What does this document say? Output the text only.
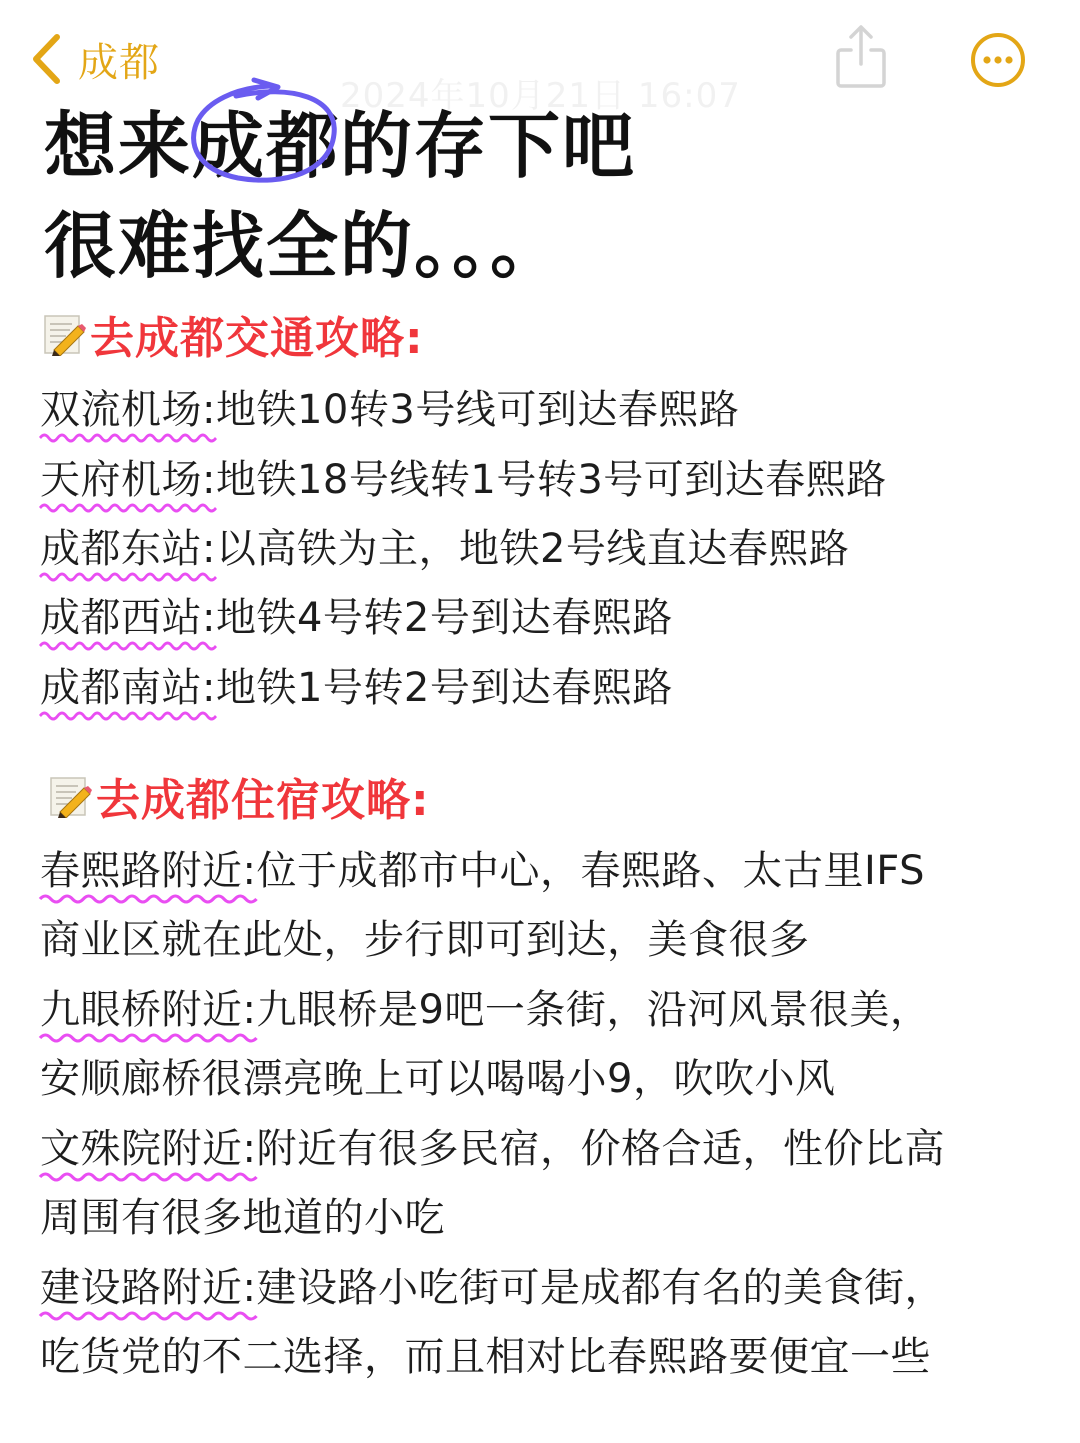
成都
2024年10月21日 16:07
想来成都
的存下吧
很难找全的。。。
去成都交通攻略:
双流机场:
地铁10转3号线可到达春熙路
天府机场:
地铁18号线转1号转3号可到达春熙路
成都东站:
以高铁为主，地铁2号线直达春熙路
成都西站:
地铁4号转2号到达春熙路
成都南站:
地铁1号转2号到达春熙路
去成都住宿攻略:
春熙路附近:
位于成都市中心，春熙路、太古里IFS
商业区就在此处，步行即可到达，美食很多
九眼桥附近:
九眼桥是9吧一条街，沿河风景很美，
安顺廊桥很漂亮晚上可以喝喝小9，吹吹小风
文殊院附近:
附近有很多民宿，价格合适，性价比高
周围有很多地道的小吃
建设路附近:
建设路小吃街可是成都有名的美食街，
吃货党的不二选择，而且相对比春熙路要便宜一些
